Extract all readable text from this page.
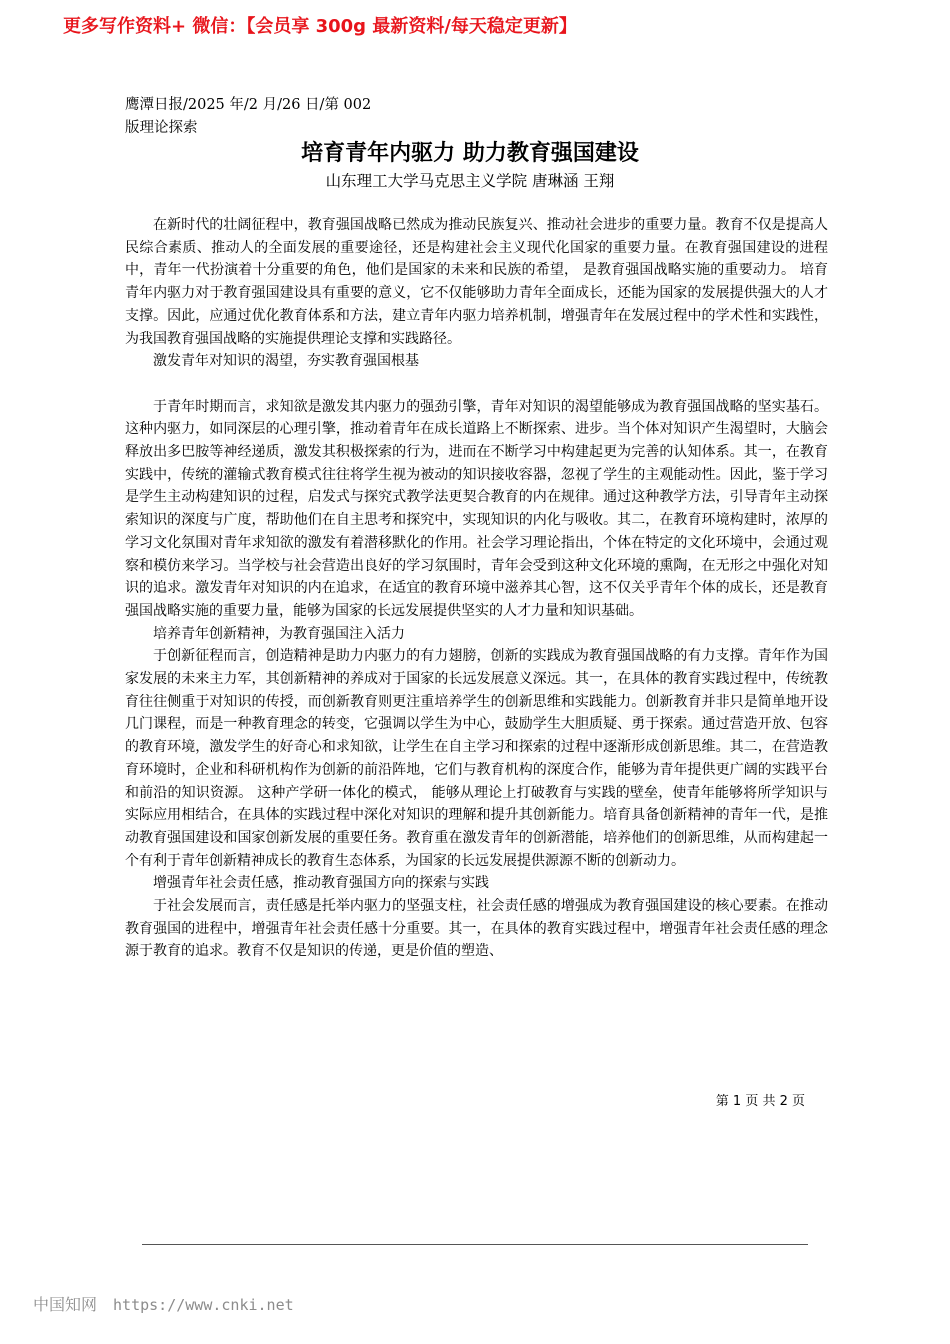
更多写作资料+ 微信：【会员享 300g 最新资料/每天稳定更新】
鹰潭日报/2025 年/2 月/26 日/第 002
版理论探索
培育青年内驱力 助力教育强国建设
山东理工大学马克思主义学院 唐琳涵 王翔

在新时代的壮阔征程中，教育强国战略已然成为推动民族复兴、推动社会进步的重要力量。教育不仅是提高人民综合素质、推动人的全面发展的重要途径，还是构建社会主义现代化国家的重要力量。在教育强国建设的进程中，青年一代扮演着十分重要的角色，他们是国家的未来和民族的希望， 是教育强国战略实施的重要动力。 培育青年内驱力对于教育强国建设具有重要的意义，它不仅能够助力青年全面成长，还能为国家的发展提供强大的人才支撑。因此，应通过优化教育体系和方法，建立青年内驱力培养机制，增强青年在发展过程中的学术性和实践性，为我国教育强国战略的实施提供理论支撑和实践路径。

激发青年对知识的渴望，夯实教育强国根基

于青年时期而言，求知欲是激发其内驱力的强劲引擎，青年对知识的渴望能够成为教育强国战略的坚实基石。这种内驱力，如同深层的心理引擎，推动着青年在成长道路上不断探索、进步。当个体对知识产生渴望时，大脑会释放出多巴胺等神经递质，激发其积极探索的行为，进而在不断学习中构建起更为完善的认知体系。其一，在教育实践中，传统的灌输式教育模式往往将学生视为被动的知识接收容器，忽视了学生的主观能动性。因此，鉴于学习是学生主动构建知识的过程，启发式与探究式教学法更契合教育的内在规律。通过这种教学方法，引导青年主动探索知识的深度与广度，帮助他们在自主思考和探究中，实现知识的内化与吸收。其二，在教育环境构建时，浓厚的学习文化氛围对青年求知欲的激发有着潜移默化的作用。社会学习理论指出，个体在特定的文化环境中，会通过观察和模仿来学习。当学校与社会营造出良好的学习氛围时，青年会受到这种文化环境的熏陶，在无形之中强化对知识的追求。激发青年对知识的内在追求，在适宜的教育环境中滋养其心智，这不仅关乎青年个体的成长，还是教育强国战略实施的重要力量，能够为国家的长远发展提供坚实的人才力量和知识基础。

培养青年创新精神，为教育强国注入活力

于创新征程而言，创造精神是助力内驱力的有力翅膀，创新的实践成为教育强国战略的有力支撑。青年作为国家发展的未来主力军，其创新精神的养成对于国家的长远发展意义深远。其一，在具体的教育实践过程中，传统教育往往侧重于对知识的传授，而创新教育则更注重培养学生的创新思维和实践能力。创新教育并非只是简单地开设几门课程，而是一种教育理念的转变，它强调以学生为中心，鼓励学生大胆质疑、勇于探索。通过营造开放、包容的教育环境，激发学生的好奇心和求知欲，让学生在自主学习和探索的过程中逐渐形成创新思维。其二，在营造教育环境时，企业和科研机构作为创新的前沿阵地，它们与教育机构的深度合作，能够为青年提供更广阔的实践平台和前沿的知识资源。 这种产学研一体化的模式， 能够从理论上打破教育与实践的壁垒，使青年能够将所学知识与实际应用相结合，在具体的实践过程中深化对知识的理解和提升其创新能力。培育具备创新精神的青年一代，是推动教育强国建设和国家创新发展的重要任务。教育重在激发青年的创新潜能，培养他们的创新思维，从而构建起一个有利于青年创新精神成长的教育生态体系，为国家的长远发展提供源源不断的创新动力。

增强青年社会责任感，推动教育强国方向的探索与实践

于社会发展而言，责任感是托举内驱力的坚强支柱，社会责任感的增强成为教育强国建设的核心要素。在推动教育强国的进程中，增强青年社会责任感十分重要。其一，在具体的教育实践过程中，增强青年社会责任感的理念源于教育的追求。教育不仅是知识的传递，更是价值的塑造、

第 1 页 共 2 页
中国知网 https://www.cnki.net
